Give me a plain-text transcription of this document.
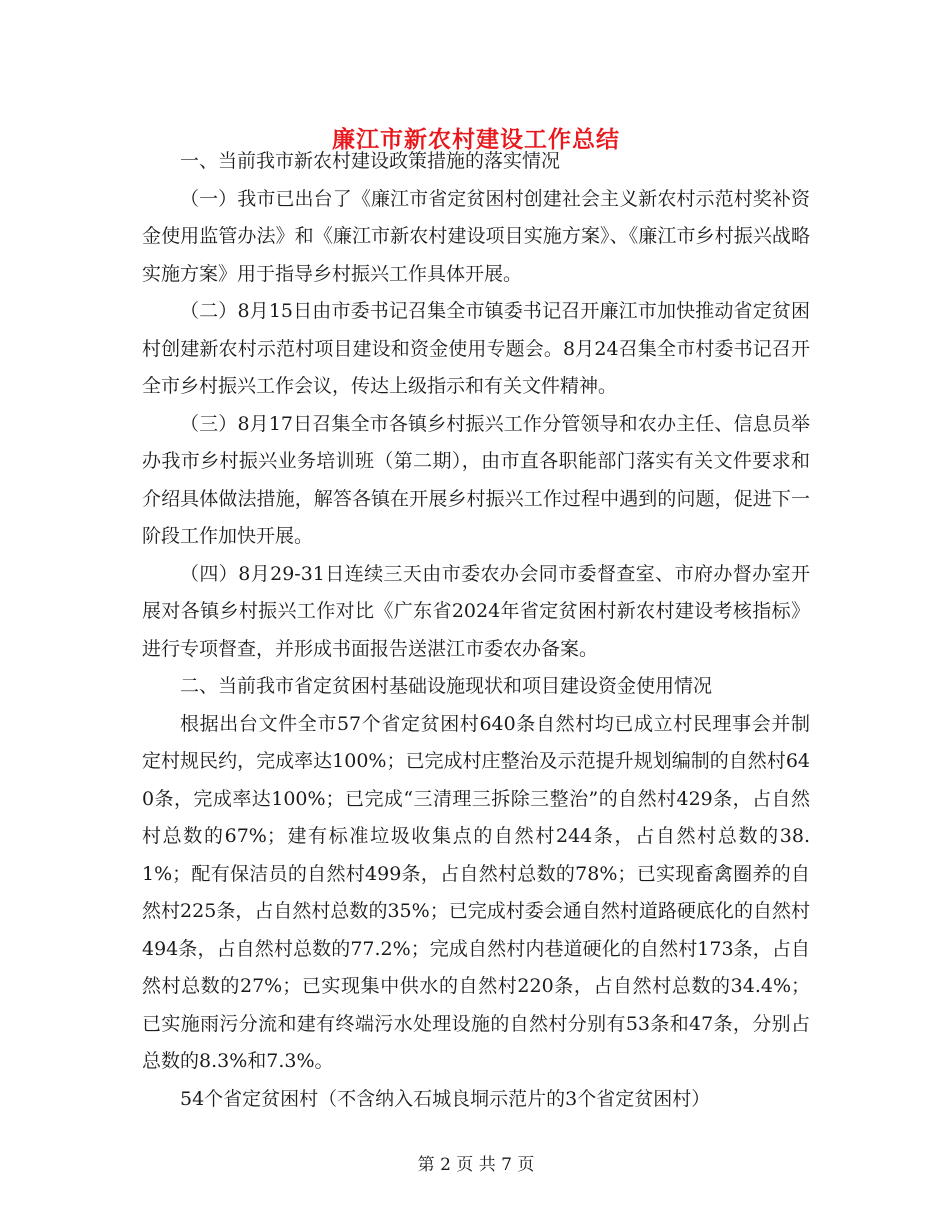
廉江市新农村建设工作总结

一、当前我市新农村建设政策措施的落实情况

（一）我市已出台了《廉江市省定贫困村创建社会主义新农村示范村奖补资金使用监管办法》和《廉江市新农村建设项目实施方案》、《廉江市乡村振兴战略实施方案》用于指导乡村振兴工作具体开展。

（二）8月15日由市委书记召集全市镇委书记召开廉江市加快推动省定贫困村创建新农村示范村项目建设和资金使用专题会。8月24召集全市村委书记召开全市乡村振兴工作会议，传达上级指示和有关文件精神。

（三）8月17日召集全市各镇乡村振兴工作分管领导和农办主任、信息员举办我市乡村振兴业务培训班（第二期），由市直各职能部门落实有关文件要求和介绍具体做法措施，解答各镇在开展乡村振兴工作过程中遇到的问题，促进下一阶段工作加快开展。

（四）8月29-31日连续三天由市委农办会同市委督查室、市府办督办室开展对各镇乡村振兴工作对比《广东省2024年省定贫困村新农村建设考核指标》进行专项督查，并形成书面报告送湛江市委农办备案。

二、当前我市省定贫困村基础设施现状和项目建设资金使用情况

根据出台文件全市57个省定贫困村640条自然村均已成立村民理事会并制定村规民约，完成率达100%；已完成村庄整治及示范提升规划编制的自然村640条，完成率达100%；已完成“三清理三拆除三整治”的自然村429条，占自然村总数的67%；建有标准垃圾收集点的自然村244条，占自然村总数的38.1%；配有保洁员的自然村499条，占自然村总数的78%；已实现畜禽圈养的自然村225条，占自然村总数的35%；已完成村委会通自然村道路硬底化的自然村494条，占自然村总数的77.2%；完成自然村内巷道硬化的自然村173条，占自然村总数的27%；已实现集中供水的自然村220条，占自然村总数的34.4%；已实施雨污分流和建有终端污水处理设施的自然村分别有53条和47条，分别占总数的8.3%和7.3%。

54个省定贫困村（不含纳入石城良垌示范片的3个省定贫困村）

第 2 页 共 7 页
